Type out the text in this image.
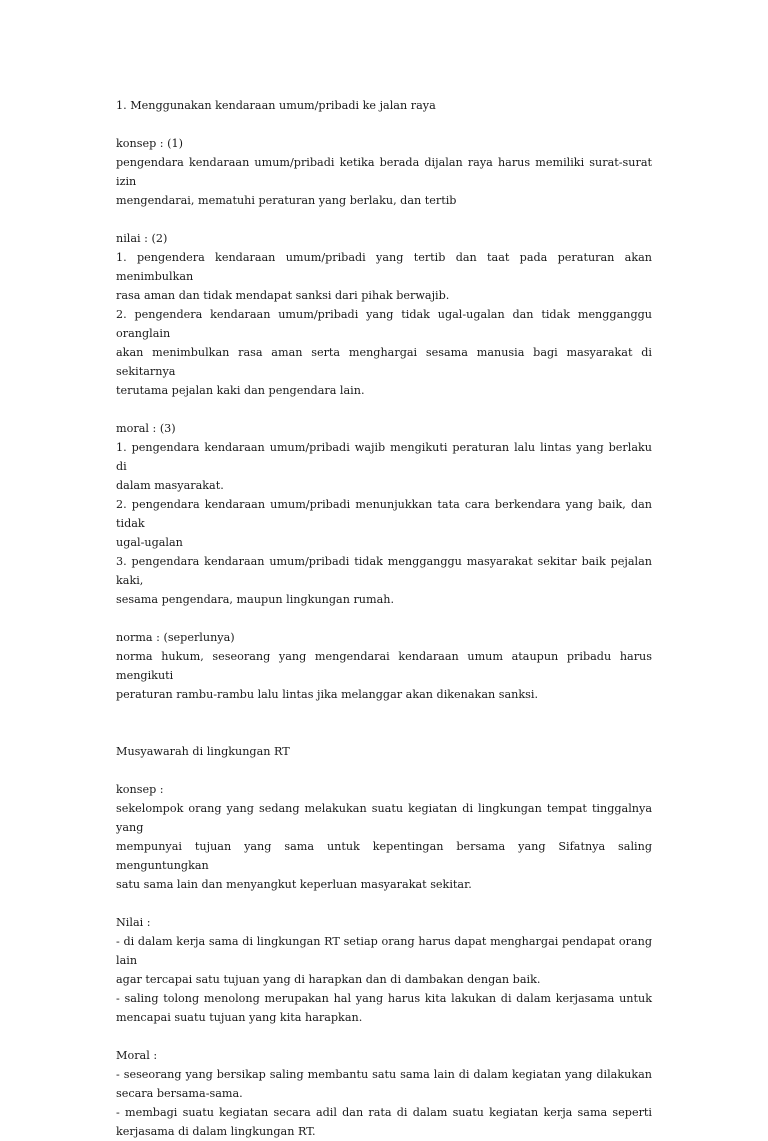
1. Menggunakan kendaraan umum/pribadi ke jalan raya

konsep : (1)

pengendara kendaraan umum/pribadi ketika berada dijalan raya harus memiliki surat-surat izin

mengendarai, mematuhi peraturan yang berlaku, dan tertib

nilai : (2)

1. pengendera kendaraan umum/pribadi yang tertib dan taat pada peraturan akan menimbulkan

rasa aman dan tidak mendapat sanksi dari pihak berwajib.

2. pengendera kendaraan umum/pribadi yang tidak ugal-ugalan dan tidak mengganggu oranglain

akan menimbulkan rasa aman serta menghargai sesama manusia bagi masyarakat di sekitarnya

terutama pejalan kaki dan pengendara lain.

moral : (3)

1. pengendara kendaraan umum/pribadi wajib mengikuti peraturan lalu lintas yang berlaku di

dalam masyarakat.

2. pengendara kendaraan umum/pribadi menunjukkan tata cara berkendara yang baik, dan tidak

ugal-ugalan

3. pengendara kendaraan umum/pribadi tidak mengganggu masyarakat sekitar baik pejalan kaki,

sesama pengendara, maupun lingkungan rumah.

norma : (seperlunya)

norma hukum, seseorang yang mengendarai kendaraan umum ataupun pribadu harus mengikuti

peraturan rambu-rambu lalu lintas jika melanggar akan dikenakan sanksi.

Musyawarah di lingkungan RT

konsep :

sekelompok orang yang sedang melakukan suatu kegiatan di lingkungan tempat tinggalnya yang

mempunyai tujuan yang sama untuk kepentingan bersama yang Sifatnya saling menguntungkan

satu sama lain dan menyangkut keperluan masyarakat sekitar.

Nilai :

- di dalam kerja sama di lingkungan RT setiap orang harus dapat menghargai pendapat orang lain

agar tercapai satu tujuan yang di harapkan dan di dambakan dengan baik.

- saling tolong menolong merupakan hal yang harus kita lakukan di dalam kerjasama untuk

mencapai suatu tujuan yang kita harapkan.

Moral :

- seseorang yang bersikap saling membantu satu sama lain di dalam kegiatan yang dilakukan

secara bersama-sama.

- membagi suatu kegiatan secara adil dan rata di dalam suatu kegiatan kerja sama seperti

kerjasama di dalam lingkungan RT.
